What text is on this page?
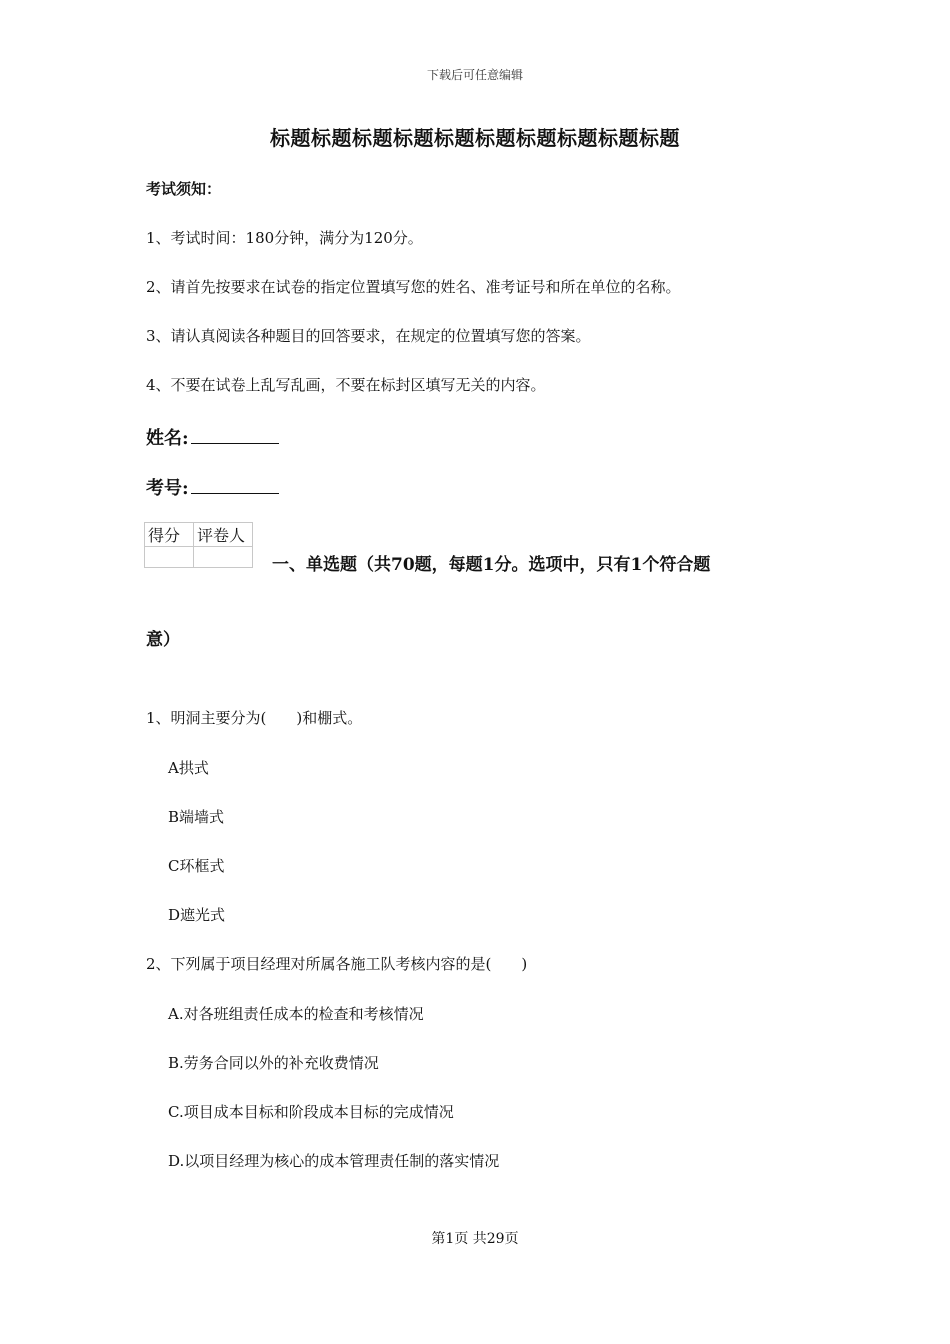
下载后可任意编辑
标题标题标题标题标题标题标题标题标题标题
考试须知：
1、考试时间：180分钟，满分为120分。
2、请首先按要求在试卷的指定位置填写您的姓名、准考证号和所在单位的名称。
3、请认真阅读各种题目的回答要求，在规定的位置填写您的答案。
4、不要在试卷上乱写乱画，不要在标封区填写无关的内容。
姓名:
考号:
得分	评卷人

一、单选题（共70题，每题1分。选项中，只有1个符合题
意）
1、明洞主要分为(　　)和棚式。
A拱式
B端墙式
C环框式
D遮光式
2、下列属于项目经理对所属各施工队考核内容的是(　　)
A.对各班组责任成本的检查和考核情况
B.劳务合同以外的补充收费情况
C.项目成本目标和阶段成本目标的完成情况
D.以项目经理为核心的成本管理责任制的落实情况
第1页 共29页
